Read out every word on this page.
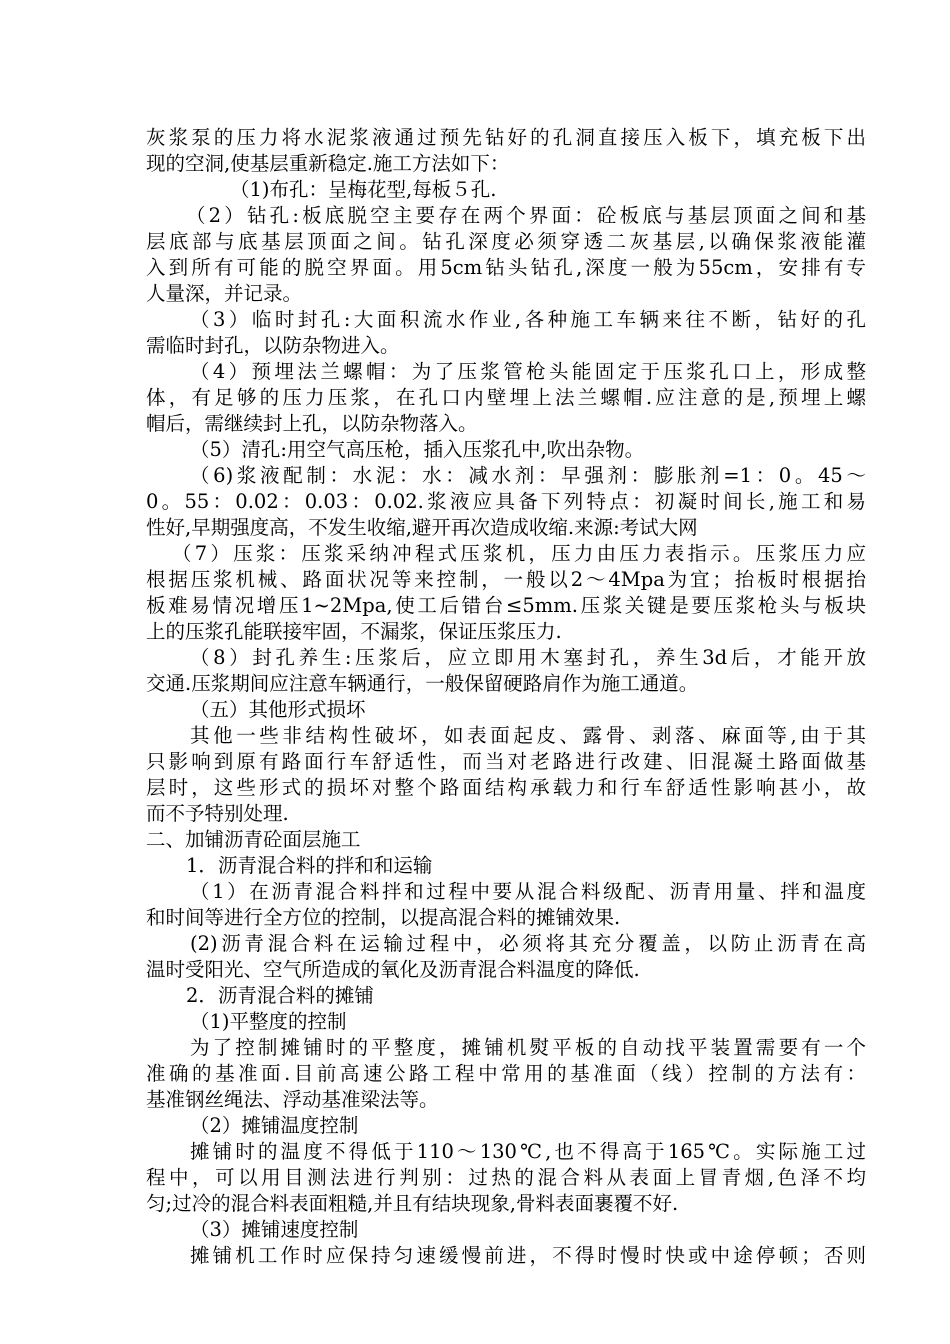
灰浆泵的压力将水泥浆液通过预先钻好的孔洞直接压入板下，填充板下出
现的空洞,使基层重新稳定.施工方法如下：
（1)布孔：呈梅花型,每板５孔.
（2）钻孔:板底脱空主要存在两个界面：砼板底与基层顶面之间和基
层底部与底基层顶面之间。钻孔深度必须穿透二灰基层,以确保浆液能灌
入到所有可能的脱空界面。用5cm钻头钻孔,深度一般为55cm，安排有专
人量深，并记录。
（3）临时封孔:大面积流水作业,各种施工车辆来往不断，钻好的孔
需临时封孔，以防杂物进入。
（4）预埋法兰螺帽：为了压浆管枪头能固定于压浆孔口上，形成整
体，有足够的压力压浆，在孔口内壁埋上法兰螺帽.应注意的是,预埋上螺
帽后，需继续封上孔，以防杂物落入。
（5）清孔:用空气高压枪，插入压浆孔中,吹出杂物。
（6)浆液配制：水泥：水：减水剂：早强剂：膨胀剂=1：0。45～
0。55：0.02：0.03：0.02.浆液应具备下列特点：初凝时间长,施工和易
性好,早期强度高，不发生收缩,避开再次造成收缩.来源:考试大网
（7）压浆：压浆采纳冲程式压浆机，压力由压力表指示。压浆压力应
根据压浆机械、路面状况等来控制，一般以2～4Mpa为宜；抬板时根据抬
板难易情况增压1~2Mpa,使工后错台≤5mm.压浆关键是要压浆枪头与板块
上的压浆孔能联接牢固，不漏浆，保证压浆压力.
（8）封孔养生:压浆后，应立即用木塞封孔，养生3d后，才能开放
交通.压浆期间应注意车辆通行，一般保留硬路肩作为施工通道。
（五）其他形式损坏
其他一些非结构性破坏，如表面起皮、露骨、剥落、麻面等,由于其
只影响到原有路面行车舒适性，而当对老路进行改建、旧混凝土路面做基
层时，这些形式的损坏对整个路面结构承载力和行车舒适性影响甚小，故
而不予特别处理.
二、加铺沥青砼面层施工
1．沥青混合料的拌和和运输
（1）在沥青混合料拌和过程中要从混合料级配、沥青用量、拌和温度
和时间等进行全方位的控制，以提高混合料的摊铺效果.
(2)沥青混合料在运输过程中，必须将其充分覆盖，以防止沥青在高
温时受阳光、空气所造成的氧化及沥青混合料温度的降低.
2．沥青混合料的摊铺
（1)平整度的控制
为了控制摊铺时的平整度，摊铺机熨平板的自动找平装置需要有一个
准确的基准面.目前高速公路工程中常用的基准面（线）控制的方法有：
基准钢丝绳法、浮动基准梁法等。
（2）摊铺温度控制
摊铺时的温度不得低于110～130℃,也不得高于165℃。实际施工过
程中，可以用目测法进行判别：过热的混合料从表面上冒青烟,色泽不均
匀;过冷的混合料表面粗糙,并且有结块现象,骨料表面裹覆不好.
（3）摊铺速度控制
摊铺机工作时应保持匀速缓慢前进，不得时慢时快或中途停顿；否则
